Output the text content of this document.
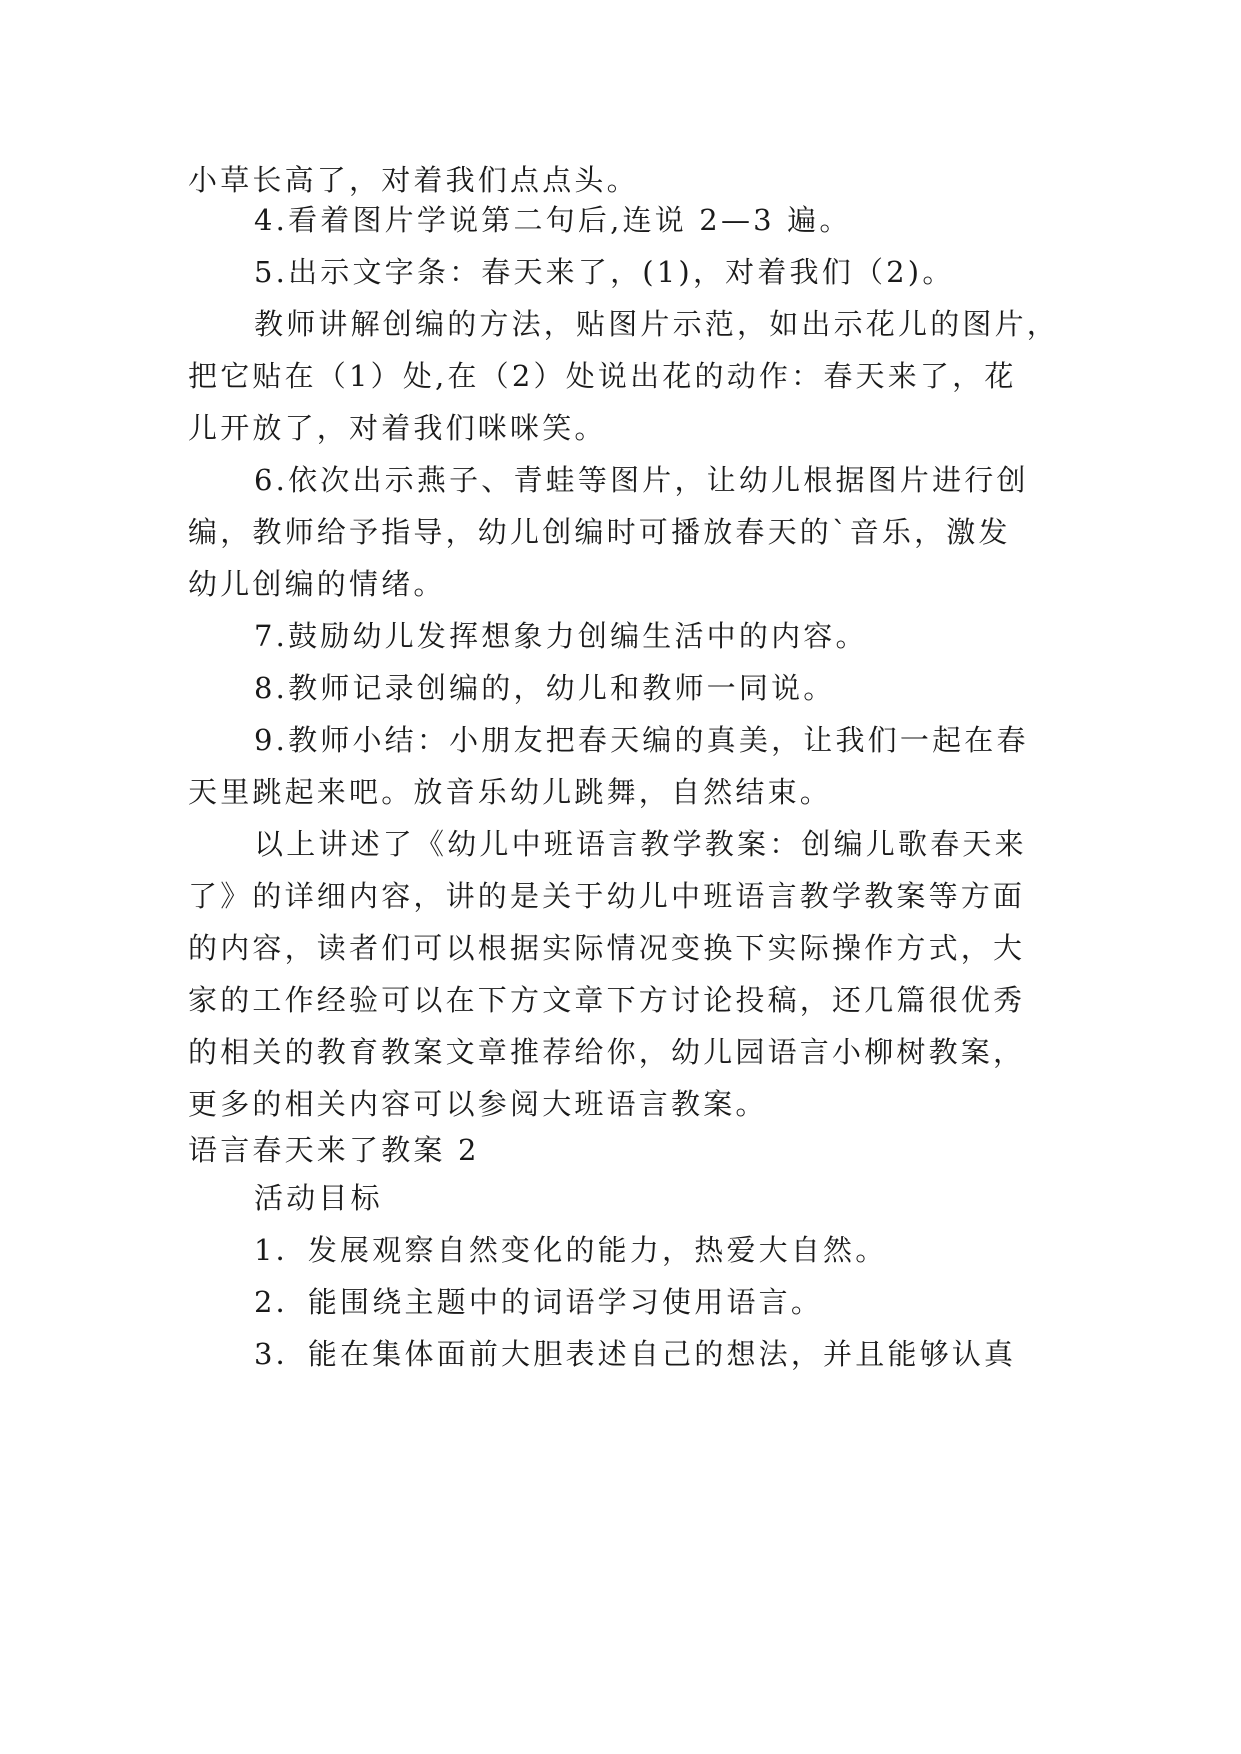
小草长高了，对着我们点点头。
4.看着图片学说第二句后,连说 2—3 遍。
5.出示文字条：春天来了，(1)，对着我们（2)。
教师讲解创编的方法，贴图片示范，如出示花儿的图片，
把它贴在（1）处,在（2）处说出花的动作：春天来了，花
儿开放了，对着我们咪咪笑。
6.依次出示燕子、青蛙等图片，让幼儿根据图片进行创
编，教师给予指导，幼儿创编时可播放春天的`音乐，激发
幼儿创编的情绪。
7.鼓励幼儿发挥想象力创编生活中的内容。
8.教师记录创编的，幼儿和教师一同说。
9.教师小结：小朋友把春天编的真美，让我们一起在春
天里跳起来吧。放音乐幼儿跳舞，自然结束。
以上讲述了《幼儿中班语言教学教案：创编儿歌春天来
了》的详细内容，讲的是关于幼儿中班语言教学教案等方面
的内容，读者们可以根据实际情况变换下实际操作方式，大
家的工作经验可以在下方文章下方讨论投稿，还几篇很优秀
的相关的教育教案文章推荐给你，幼儿园语言小柳树教案，
更多的相关内容可以参阅大班语言教案。
语言春天来了教案 2
活动目标
1．发展观察自然变化的能力，热爱大自然。
2．能围绕主题中的词语学习使用语言。
3．能在集体面前大胆表述自己的想法，并且能够认真
